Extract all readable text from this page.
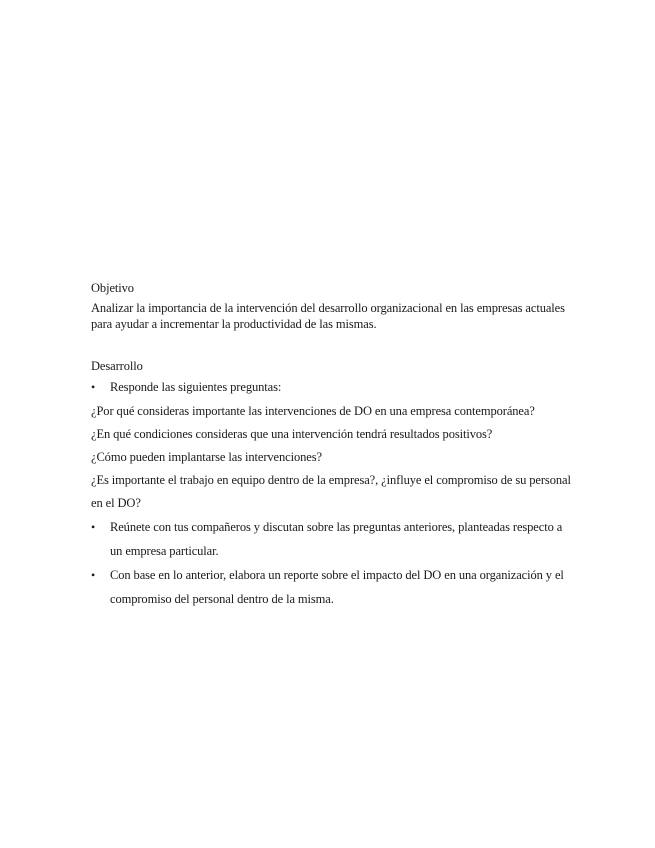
Objetivo
Analizar la importancia de la intervención del desarrollo organizacional en las empresas actuales para ayudar a incrementar la productividad de las mismas.
Desarrollo
• Responde las siguientes preguntas:
¿Por qué consideras importante las intervenciones de DO en una empresa contemporánea?
¿En qué condiciones consideras que una intervención tendrá resultados positivos?
¿Cómo pueden implantarse las intervenciones?
¿Es importante el trabajo en equipo dentro de la empresa?, ¿influye el compromiso de su personal en el DO?
• Reúnete con tus compañeros y discutan sobre las preguntas anteriores, planteadas respecto a un empresa particular.
• Con base en lo anterior, elabora un reporte sobre el impacto del DO en una organización y el compromiso del personal dentro de la misma.
